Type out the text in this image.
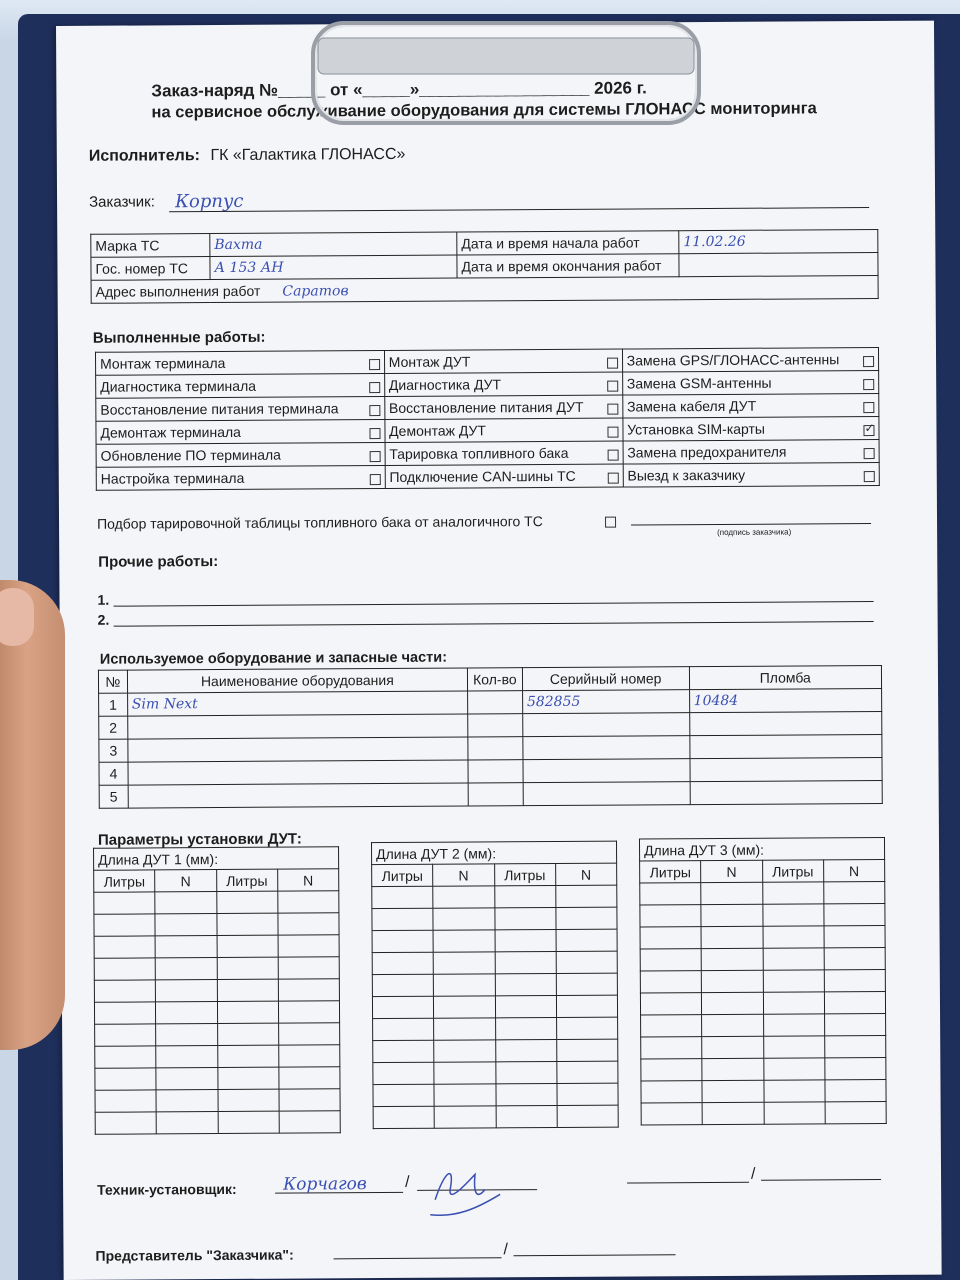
Заказ-наряд №_____ от «_____»__________________ 2026 г.
на сервисное обслуживание оборудования для системы ГЛОНАСС мониторинга
Исполнитель: ГК «Галактика ГЛОНАСС»
Заказчик: Корпус
Марка ТС	Вахта	Дата и время начала работ	11.02.26
Гос. номер ТС	А 153 АН	Дата и время окончания работ	
Адрес выполнения работ Саратов			
Выполненные работы:
Монтаж терминала	Монтаж ДУТ	Замена GPS/ГЛОНАСС-антенны

Диагностика терминала	Диагностика ДУТ	Замена GSM-антенны

Восстановление питания терминала	Восстановление питания ДУТ	Замена кабеля ДУТ

Демонтаж терминала	Демонтаж ДУТ	Установка SIM-карты
✓

Обновление ПО терминала	Тарировка топливного бака	Замена предохранителя

Настройка терминала	Подключение CAN-шины ТС	Выезд к заказчику
Подбор тарировочной таблицы топливного бака от аналогичного ТС
(подпись заказчика)
Прочие работы:
1.
2.
Используемое оборудование и запасные части:
№	Наименование оборудования	Кол-во	Серийный номер	Пломба
1	Sim Next		582855	10484
2				
3				
4				
5				
Параметры установки ДУТ:
Длина ДУТ 1 (мм):			
Литры	N	Литры	N

Длина ДУТ 2 (мм):			
Литры	N	Литры	N

Длина ДУТ 3 (мм):			
Литры	N	Литры	N

Техник-установщик:	Корчагов /	/
Представитель "Заказчика":	/
